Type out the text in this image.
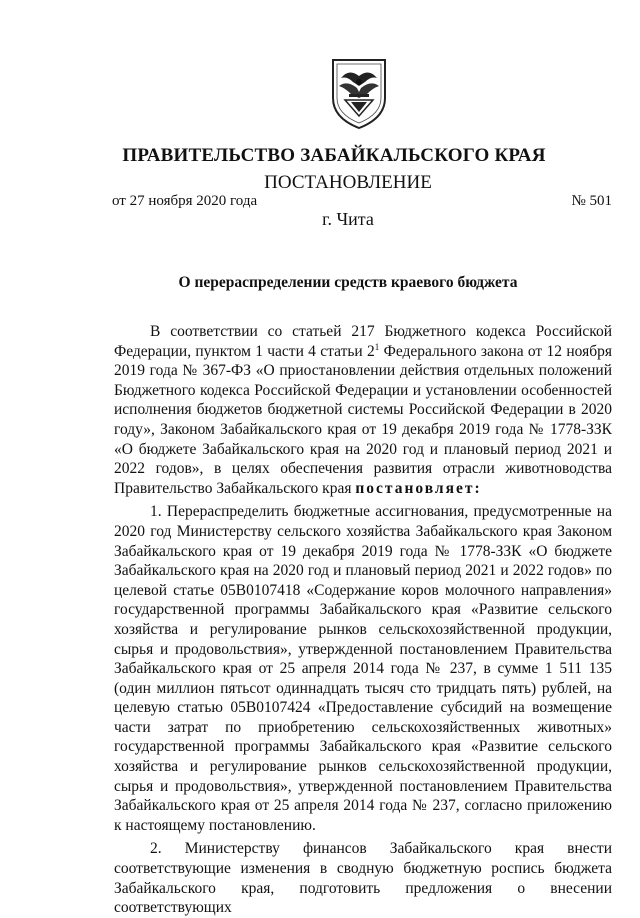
ПРАВИТЕЛЬСТВО ЗАБАЙКАЛЬСКОГО КРАЯ
ПОСТАНОВЛЕНИЕ
от 27 ноября 2020 года	№ 501
г. Чита
О перераспределении средств краевого бюджета

В соответствии со статьей 217 Бюджетного кодекса Российской Федерации, пунктом 1 части 4 статьи $2^1$ Федерального закона от 12 ноября 2019 года № 367-ФЗ «О приостановлении действия отдельных положений Бюджетного кодекса Российской Федерации и установлении особенностей исполнения бюджетов бюджетной системы Российской Федерации в 2020 году», Законом Забайкальского края от 19 декабря 2019 года № 1778-ЗЗК «О бюджете Забайкальского края на 2020 год и плановый период 2021 и 2022 годов», в целях обеспечения развития отрасли животноводства Правительство Забайкальского края постановляет:

1. Перераспределить бюджетные ассигнования, предусмотренные на 2020 год Министерству сельского хозяйства Забайкальского края Законом Забайкальского края от 19 декабря 2019 года № 1778-ЗЗК «О бюджете Забайкальского края на 2020 год и плановый период 2021 и 2022 годов» по целевой статье 05В0107418 «Содержание коров молочного направления» государственной программы Забайкальского края «Развитие сельского хозяйства и регулирование рынков сельскохозяйственной продукции, сырья и продовольствия», утвержденной постановлением Правительства Забайкальского края от 25 апреля 2014 года № 237, в сумме 1 511 135 (один миллион пятьсот одиннадцать тысяч сто тридцать пять) рублей, на целевую статью 05В0107424 «Предоставление субсидий на возмещение части затрат по приобретению сельскохозяйственных животных» государственной программы Забайкальского края «Развитие сельского хозяйства и регулирование рынков сельскохозяйственной продукции, сырья и продовольствия», утвержденной постановлением Правительства Забайкальского края от 25 апреля 2014 года № 237, согласно приложению к настоящему постановлению.

2. Министерству финансов Забайкальского края внести соответствующие изменения в сводную бюджетную роспись бюджета Забайкальского края, подготовить предложения о внесении соответствующих
